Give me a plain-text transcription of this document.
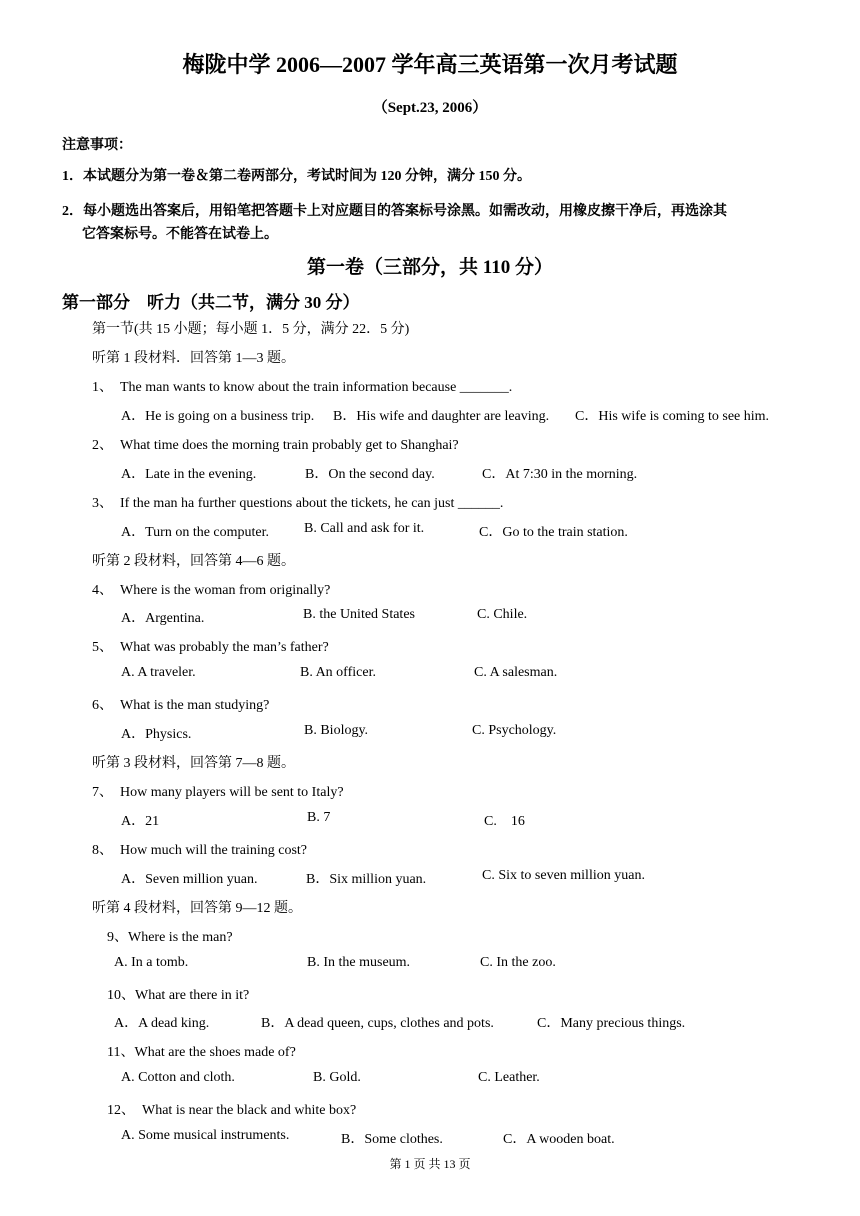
梅陇中学 2006—2007 学年高三英语第一次月考试题
（Sept.23, 2006）
注意事项：
1．本试题分为第一卷＆第二卷两部分，考试时间为 120 分钟，满分 150 分。
2．每小题选出答案后，用铅笔把答题卡上对应题目的答案标号涂黑。如需改动，用橡皮擦干净后，再选涂其
它答案标号。不能答在试卷上。
第一卷（三部分，共 110 分）
第一部分　听力（共二节，满分 30 分）
第一节(共 15 小题；每小题 1．5 分，满分 22．5 分)
听第 1 段材料．回答第 1—3 题。
1、　The man wants to know about the train information because _______.
A．He is going on a business trip. B．His wife and daughter are leaving. C．His wife is coming to see him.
2、　What time does the morning train probably get to Shanghai?
A．Late in the evening.	B．On the second day.	C．At 7:30 in the morning.
3、　If the man ha further questions about the tickets, he can just ______.
A．Turn on the computer. B. Call and ask for it.	C．Go to the train station.
听第 2 段材料，回答第 4—6 题。
4、　Where is the woman from originally?
A．Argentina.	B. the United States	C. Chile.
5、　What was probably the man’s father?
A. A traveler.	B. An officer.	C. A salesman.
6、　What is the man studying?
A．Physics.	B. Biology.	C. Psychology.
听第 3 段材料，回答第 7—8 题。
7、　How many players will be sent to Italy?
A．21	B. 7	C.　16
8、　How much will the training cost?
A．Seven million yuan.	B．Six million yuan.	C. Six to seven million yuan.
听第 4 段材料，回答第 9—12 题。
9、Where is the man?
A. In a tomb.	B. In the museum.	C. In the zoo.
10、What are there in it?
A．A dead king.	B．A dead queen, cups, clothes and pots.	C．Many precious things.
11、What are the shoes made of?
A. Cotton and cloth.	B. Gold.	C. Leather.
12、　What is near the black and white box?
A. Some musical instruments.	B．Some clothes.	C．A wooden boat.
第 1 页 共 13 页
